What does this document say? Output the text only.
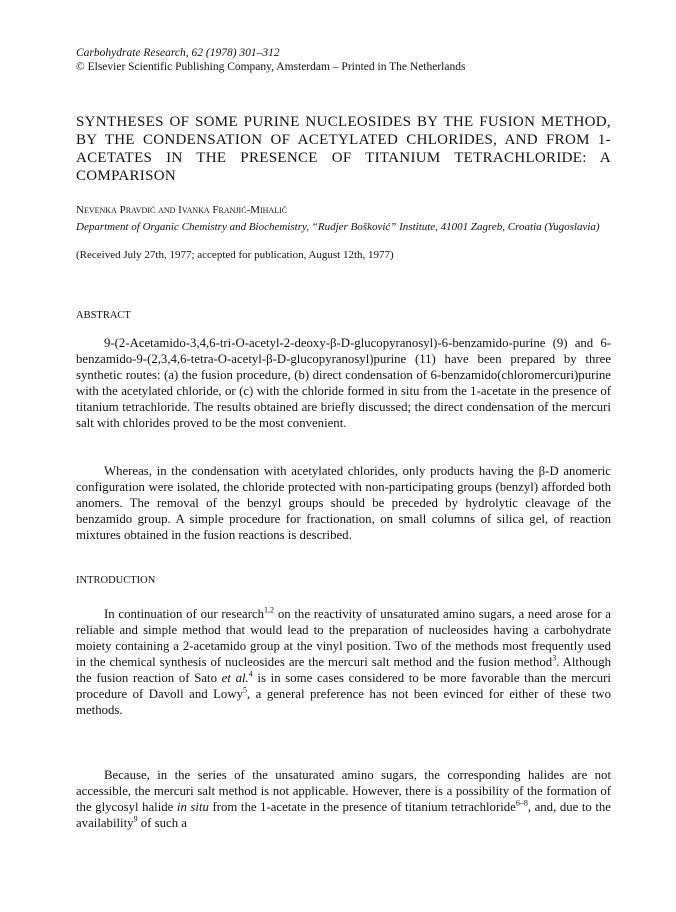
Carbohydrate Research, 62 (1978) 301–312
© Elsevier Scientific Publishing Company, Amsterdam – Printed in The Netherlands
SYNTHESES OF SOME PURINE NUCLEOSIDES BY THE FUSION METHOD, BY THE CONDENSATION OF ACETYLATED CHLORIDES, AND FROM 1-ACETATES IN THE PRESENCE OF TITANIUM TETRACHLORIDE: A COMPARISON
Nevenka Pravdić and Ivanka Franjić-Mihalić
Department of Organic Chemistry and Biochemistry, “Rudjer Bošković” Institute, 41001 Zagreb, Croatia (Yugoslavia)
(Received July 27th, 1977; accepted for publication, August 12th, 1977)
ABSTRACT

9-(2-Acetamido-3,4,6-tri-O-acetyl-2-deoxy-β-D-glucopyranosyl)-6-benzamido-purine (9) and 6-benzamido-9-(2,3,4,6-tetra-O-acetyl-β-D-glucopyranosyl)purine (11) have been prepared by three synthetic routes: (a) the fusion procedure, (b) direct condensation of 6-benzamido(chloromercuri)purine with the acetylated chloride, or (c) with the chloride formed in situ from the 1-acetate in the presence of titanium tetrachloride. The results obtained are briefly discussed; the direct condensation of the mercuri salt with chlorides proved to be the most convenient.

Whereas, in the condensation with acetylated chlorides, only products having the β-D anomeric configuration were isolated, the chloride protected with non-participating groups (benzyl) afforded both anomers. The removal of the benzyl groups should be preceded by hydrolytic cleavage of the benzamido group. A simple procedure for fractionation, on small columns of silica gel, of reaction mixtures obtained in the fusion reactions is described.

INTRODUCTION

In continuation of our research$^{1,2}$ on the reactivity of unsaturated amino sugars, a need arose for a reliable and simple method that would lead to the preparation of nucleosides having a carbohydrate moiety containing a 2-acetamido group at the vinyl position. Two of the methods most frequently used in the chemical synthesis of nucleosides are the mercuri salt method and the fusion method$^3$. Although the fusion reaction of Sato et al.$^4$ is in some cases considered to be more favorable than the mercuri procedure of Davoll and Lowy$^5$, a general preference has not been evinced for either of these two methods.

Because, in the series of the unsaturated amino sugars, the corresponding halides are not accessible, the mercuri salt method is not applicable. However, there is a possibility of the formation of the glycosyl halide in situ from the 1-acetate in the presence of titanium tetrachloride$^{6-8}$, and, due to the availability$^9$ of such a
